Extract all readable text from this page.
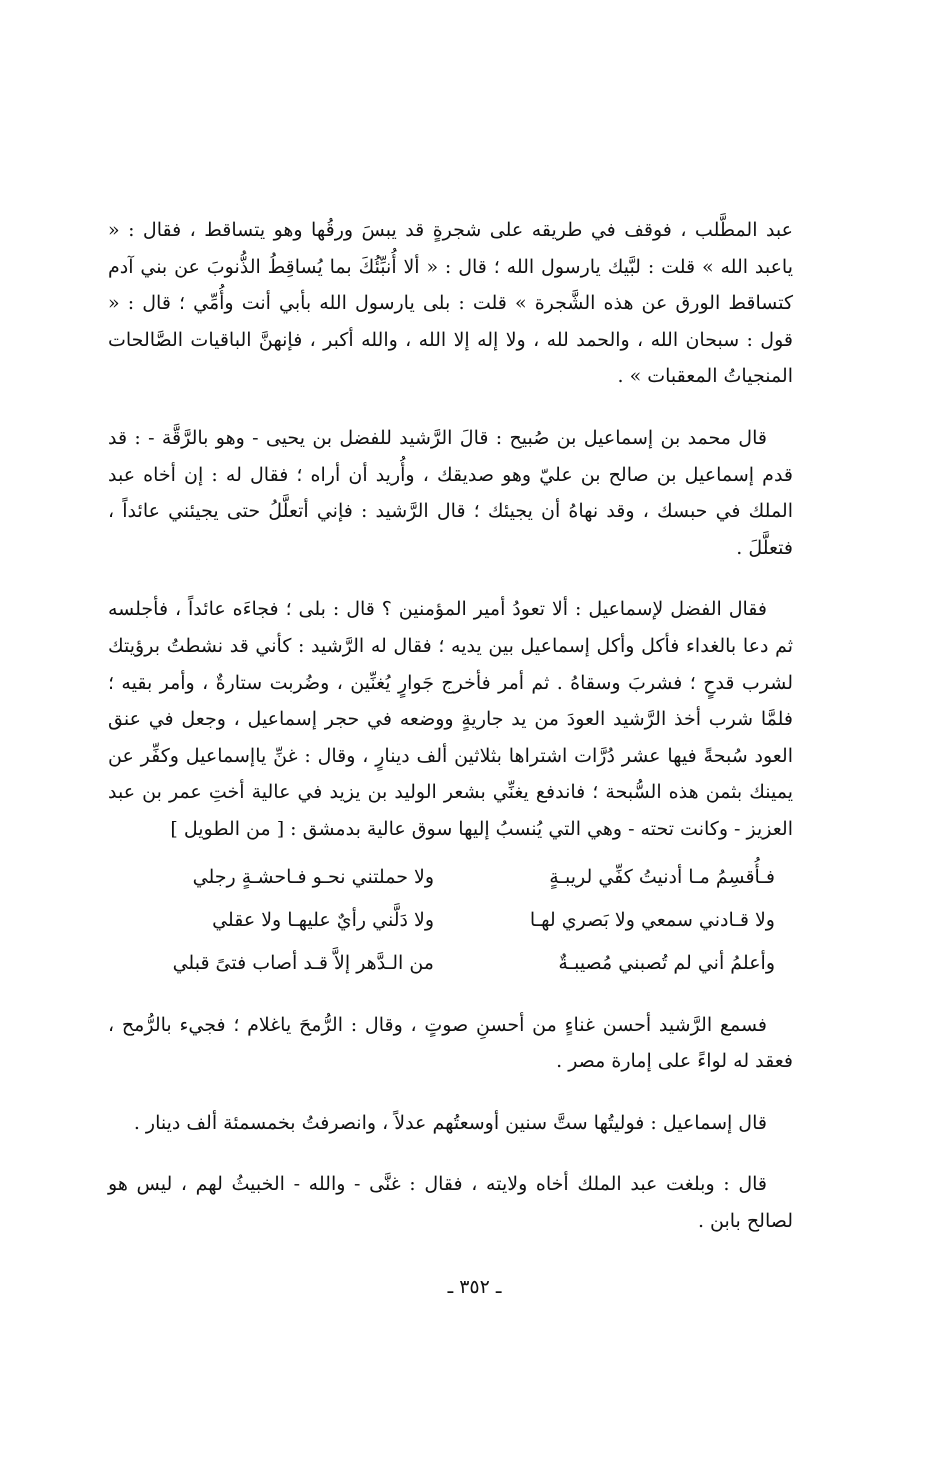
عبد المطَّلب ، فوقف في طريقه على شجرةٍ قد يبسَ ورقُها وهو يتساقط ، فقال : « ياعبد الله » قلت : لبَّيك يارسول الله ؛ قال : « ألا أُنبِّئُكَ بما يُساقِطُ الذُّنوبَ عن بني آدم كتساقط الورق عن هذه الشَّجرة » قلت : بلى يارسول الله بأبي أنت وأُمِّي ؛ قال : « قول : سبحان الله ، والحمد لله ، ولا إله إلا الله ، والله أكبر ، فإنهنَّ الباقيات الصَّالحات المنجياتُ المعقبات » .

قال محمد بن إسماعيل بن صُبيح : قالَ الرَّشيد للفضل بن يحيى - وهو بالرَّقَّة - : قد قدم إسماعيل بن صالح بن عليّ وهو صديقك ، وأُريد أن أراه ؛ فقال له : إن أخاه عبد الملك في حبسك ، وقد نهاهُ أن يجيئك ؛ قال الرَّشيد : فإني أتعلَّلُ حتى يجيئني عائداً ، فتعلَّلَ .

فقال الفضل لإسماعيل : ألا تعودُ أمير المؤمنين ؟ قال : بلى ؛ فجاءَه عائداً ، فأجلسه ثم دعا بالغداء فأكل وأكل إسماعيل بين يديه ؛ فقال له الرَّشيد : كأني قد نشطتُ برؤيتك لشرب قدحٍ ؛ فشربَ وسقاهُ . ثم أمر فأخرج جَوارٍ يُغنِّين ، وضُربت ستارةٌ ، وأمر بقيه ؛ فلمَّا شرب أخذ الرَّشيد العودَ من يد جاريةٍ ووضعه في حجر إسماعيل ، وجعل في عنق العود سُبحةً فيها عشر دُرَّات اشتراها بثلاثين ألف دينارٍ ، وقال : غنِّ ياإسماعيل وكفِّر عن يمينك بثمن هذه السُّبحة ؛ فاندفع يغنِّي بشعر الوليد بن يزيد في عالية أختِ عمر بن عبد العزيز - وكانت تحته - وهي التي يُنسبُ إليها سوق عالية بدمشق : [ من الطويل ]

فـأُقسِمُ مـا أدنيتُ كفِّي لريبـةٍ
ولا حملتني نحـو فـاحشـةٍ رجلي
ولا قـادني سمعي ولا بَصري لهـا
ولا دَلَّني رأيٌ عليهـا ولا عقلي
وأعلمُ أني لم تُصبني مُصيبـةٌ
من الـدَّهر إلاَّ قـد أصاب فتىً قبلي

فسمع الرَّشيد أحسن غناءٍ من أحسنِ صوتٍ ، وقال : الرُّمحَ ياغلام ؛ فجيء بالرُّمح ، فعقد له لواءً على إمارة مصر .

قال إسماعيل : فوليتُها ستَّ سنين أوسعتُهم عدلاً ، وانصرفتُ بخمسمئة ألف دينار .

قال : وبلغت عبد الملك أخاه ولايته ، فقال : غنَّى - والله - الخبيثُ لهم ، ليس هو لصالح بابن .

ـ ٣٥٢ ـ
